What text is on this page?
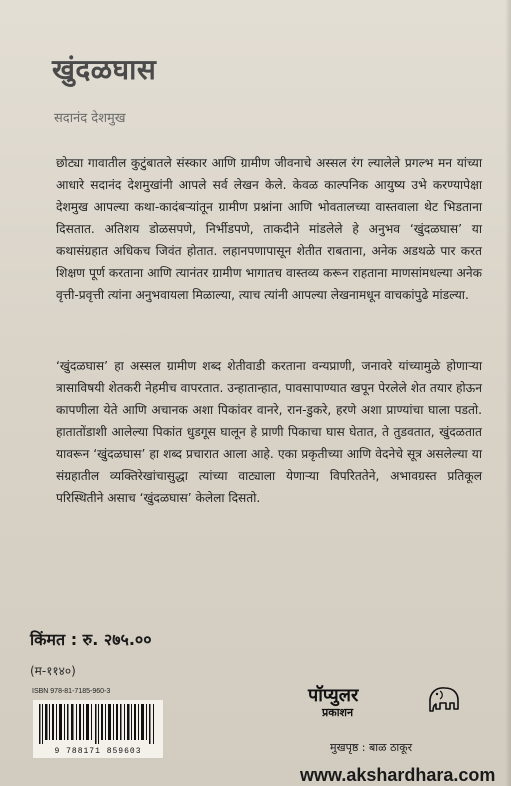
खुंदळघास
सदानंद देशमुख
छोट्या गावातील कुटुंबातले संस्कार आणि ग्रामीण जीवनाचे अस्सल रंग ल्यालेले प्रगल्भ मन यांच्या आधारे सदानंद देशमुखांनी आपले सर्व लेखन केले. केवळ काल्पनिक आयुष्य उभे करण्यापेक्षा देशमुख आपल्या कथा-कादंबऱ्यांतून ग्रामीण प्रश्नांना आणि भोवतालच्या वास्तवाला थेट भिडताना दिसतात. अतिशय डोळसपणे, निर्भीडपणे, ताकदीने मांडलेले हे अनुभव ‘खुंदळघास’ या कथासंग्रहात अधिकच जिवंत होतात. लहानपणापासून शेतीत राबताना, अनेक अडथळे पार करत शिक्षण पूर्ण करताना आणि त्यानंतर ग्रामीण भागातच वास्तव्य करून राहताना माणसांमधल्या अनेक वृत्ती-प्रवृत्ती त्यांना अनुभवायला मिळाल्या, त्याच त्यांनी आपल्या लेखनामधून वाचकांपुढे मांडल्या.
‘खुंदळघास’ हा अस्सल ग्रामीण शब्द शेतीवाडी करताना वन्यप्राणी, जनावरे यांच्यामुळे होणाऱ्या त्रासाविषयी शेतकरी नेहमीच वापरतात. उन्हातान्हात, पावसापाण्यात खपून पेरलेले शेत तयार होऊन कापणीला येते आणि अचानक अशा पिकांवर वानरे, रान-डुकरे, हरणे अशा प्राण्यांचा घाला पडतो. हातातोंडाशी आलेल्या पिकांत धुडगूस घालून हे प्राणी पिकाचा घास घेतात, ते तुडवतात, खुंदळतात यावरून ‘खुंदळघास’ हा शब्द प्रचारात आला आहे. एका प्रकृतीच्या आणि वेदनेचे सूत्र असलेल्या या संग्रहातील व्यक्तिरेखांचासुद्धा त्यांच्या वाट्याला येणाऱ्या विपरिततेने, अभावग्रस्त प्रतिकूल परिस्थितीने असाच ‘खुंदळघास’ केलेला दिसतो.
किंमत : रु. २७५.००
(म-११४०)
ISBN 978-81-7185-960-3
9 788171 859603
पॉप्युलर
प्रकाशन
मुखपृष्ठ : बाळ ठाकूर
www.akshardhara.com
